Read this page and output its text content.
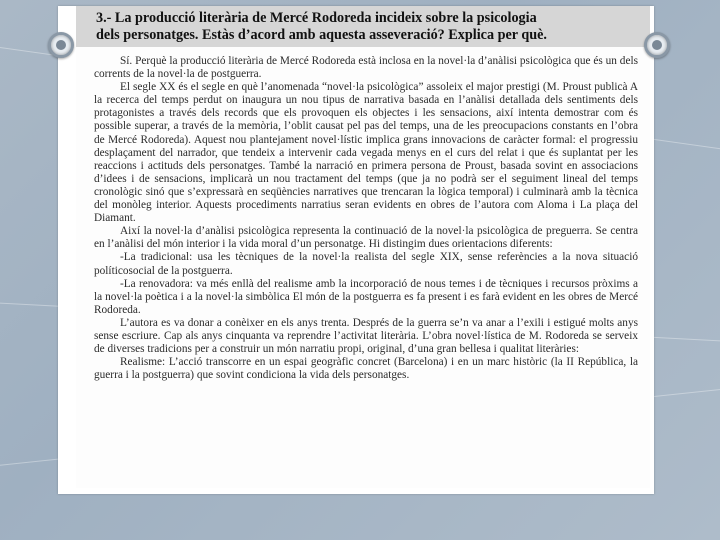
3.- La producció literària de Mercé Rodoreda incideix sobre la psicologia
dels personatges. Estàs d’acord amb aquesta asseveració? Explica per què.

Sí. Perquè la producció literària de Mercé Rodoreda està inclosa en la novel·la d’anàlisi psicològica que és un dels corrents de la novel·la de postguerra.

El segle XX és el segle en què l’anomenada “novel·la psicològica” assoleix el major prestigi (M. Proust publicà A la recerca del temps perdut on inaugura un nou tipus de narrativa basada en l’anàlisi detallada dels sentiments dels protagonistes a través dels records que els provoquen els objectes i les sensacions, així intenta demostrar com és possible superar, a través de la memòria, l’oblit causat pel pas del temps, una de les preocupacions constants en l’obra de Mercé Rodoreda). Aquest nou plantejament novel·lístic implica grans innovacions de caràcter formal: el progressiu desplaçament del narrador, que tendeix a intervenir cada vegada menys en el curs del relat i que és suplantat per les reaccions i actituds dels personatges. També la narració en primera persona de Proust, basada sovint en associacions d’idees i de sensacions, implicarà un nou tractament del temps (que ja no podrà ser el seguiment lineal del temps cronològic sinó que s’expressarà en seqüències narratives que trencaran la lògica temporal) i culminarà amb la tècnica del monòleg interior. Aquests procediments narratius seran evidents en obres de l’autora com Aloma i La plaça del Diamant.

Així la novel·la d’anàlisi psicològica representa la continuació de la novel·la psicològica de preguerra. Se centra en l’anàlisi del món interior i la vida moral d’un personatge. Hi distingim dues orientacions diferents:

-La tradicional: usa les tècniques de la novel·la realista del segle XIX, sense referències a la nova situació políticosocial de la postguerra.

-La renovadora: va més enllà del realisme amb la incorporació de nous temes i de tècniques i recursos pròxims a la novel·la poètica i a la novel·la simbòlica El món de la postguerra es fa present i es farà evident en les obres de Mercé Rodoreda.

L’autora es va donar a conèixer en els anys trenta. Després de la guerra se’n va anar a l’exili i estigué molts anys sense escriure. Cap als anys cinquanta va reprendre l’activitat literària. L’obra novel·lística de M. Rodoreda se serveix de diverses tradicions per a construir un món narratiu propi, original, d’una gran bellesa i qualitat literàries:

Realisme: L’acció transcorre en un espai geogràfic concret (Barcelona) i en un marc històric (la II República, la guerra i la postguerra) que sovint condiciona la vida dels personatges.
